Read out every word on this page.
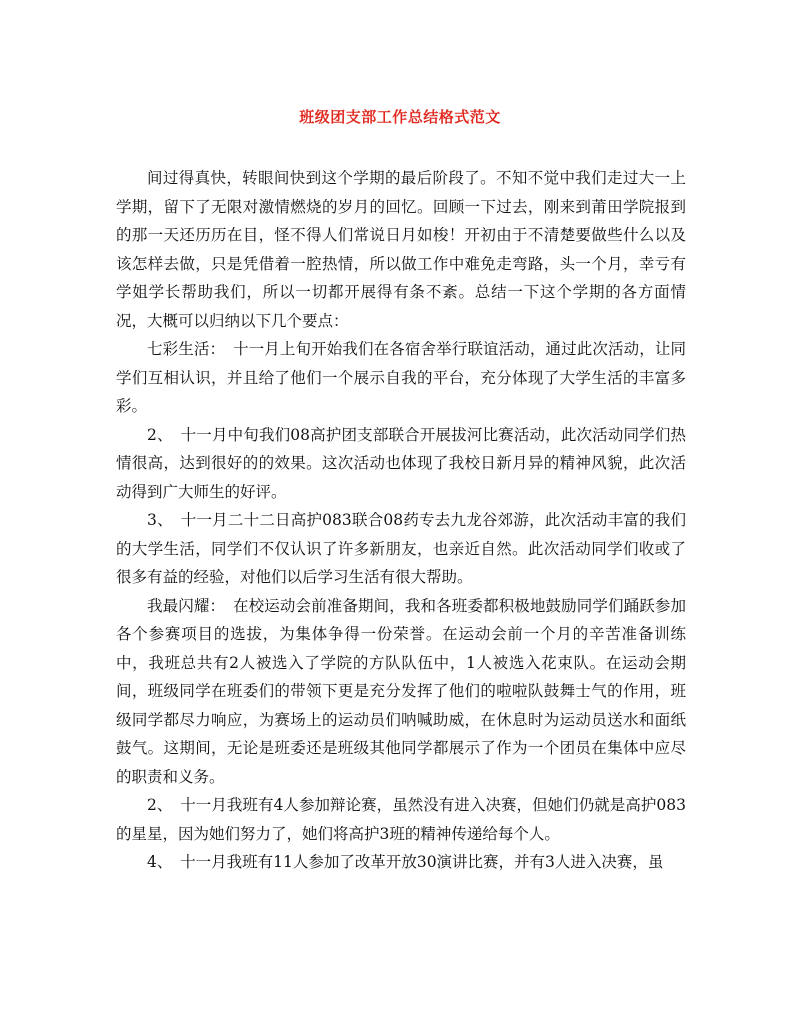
班级团支部工作总结格式范文

间过得真快，转眼间快到这个学期的最后阶段了。不知不觉中我们走过大一上学期，留下了无限对激情燃烧的岁月的回忆。回顾一下过去，刚来到莆田学院报到的那一天还历历在目，怪不得人们常说日月如梭！开初由于不清楚要做些什么以及该怎样去做，只是凭借着一腔热情，所以做工作中难免走弯路，头一个月，幸亏有学姐学长帮助我们，所以一切都开展得有条不紊。总结一下这个学期的各方面情况，大概可以归纳以下几个要点：

七彩生活：　十一月上旬开始我们在各宿舍举行联谊活动，通过此次活动，让同学们互相认识，并且给了他们一个展示自我的平台，充分体现了大学生活的丰富多彩。

2、　十一月中旬我们08高护团支部联合开展拔河比赛活动，此次活动同学们热情很高，达到很好的的效果。这次活动也体现了我校日新月异的精神风貌，此次活动得到广大师生的好评。

3、　十一月二十二日高护083联合08药专去九龙谷郊游，此次活动丰富的我们的大学生活，同学们不仅认识了许多新朋友，也亲近自然。此次活动同学们收或了很多有益的经验，对他们以后学习生活有很大帮助。

我最闪耀：　在校运动会前准备期间，我和各班委都积极地鼓励同学们踊跃参加各个参赛项目的选拔，为集体争得一份荣誉。在运动会前一个月的辛苦准备训练中，我班总共有2人被选入了学院的方队队伍中，1人被选入花束队。在运动会期间，班级同学在班委们的带领下更是充分发挥了他们的啦啦队鼓舞士气的作用，班级同学都尽力响应，为赛场上的运动员们呐喊助威，在休息时为运动员送水和面纸鼓气。这期间，无论是班委还是班级其他同学都展示了作为一个团员在集体中应尽的职责和义务。

2、　十一月我班有4人参加辩论赛，虽然没有进入决赛，但她们仍就是高护083的星星，因为她们努力了，她们将高护3班的精神传递给每个人。

4、　十一月我班有11人参加了改革开放30演讲比赛，并有3人进入决赛，虽
